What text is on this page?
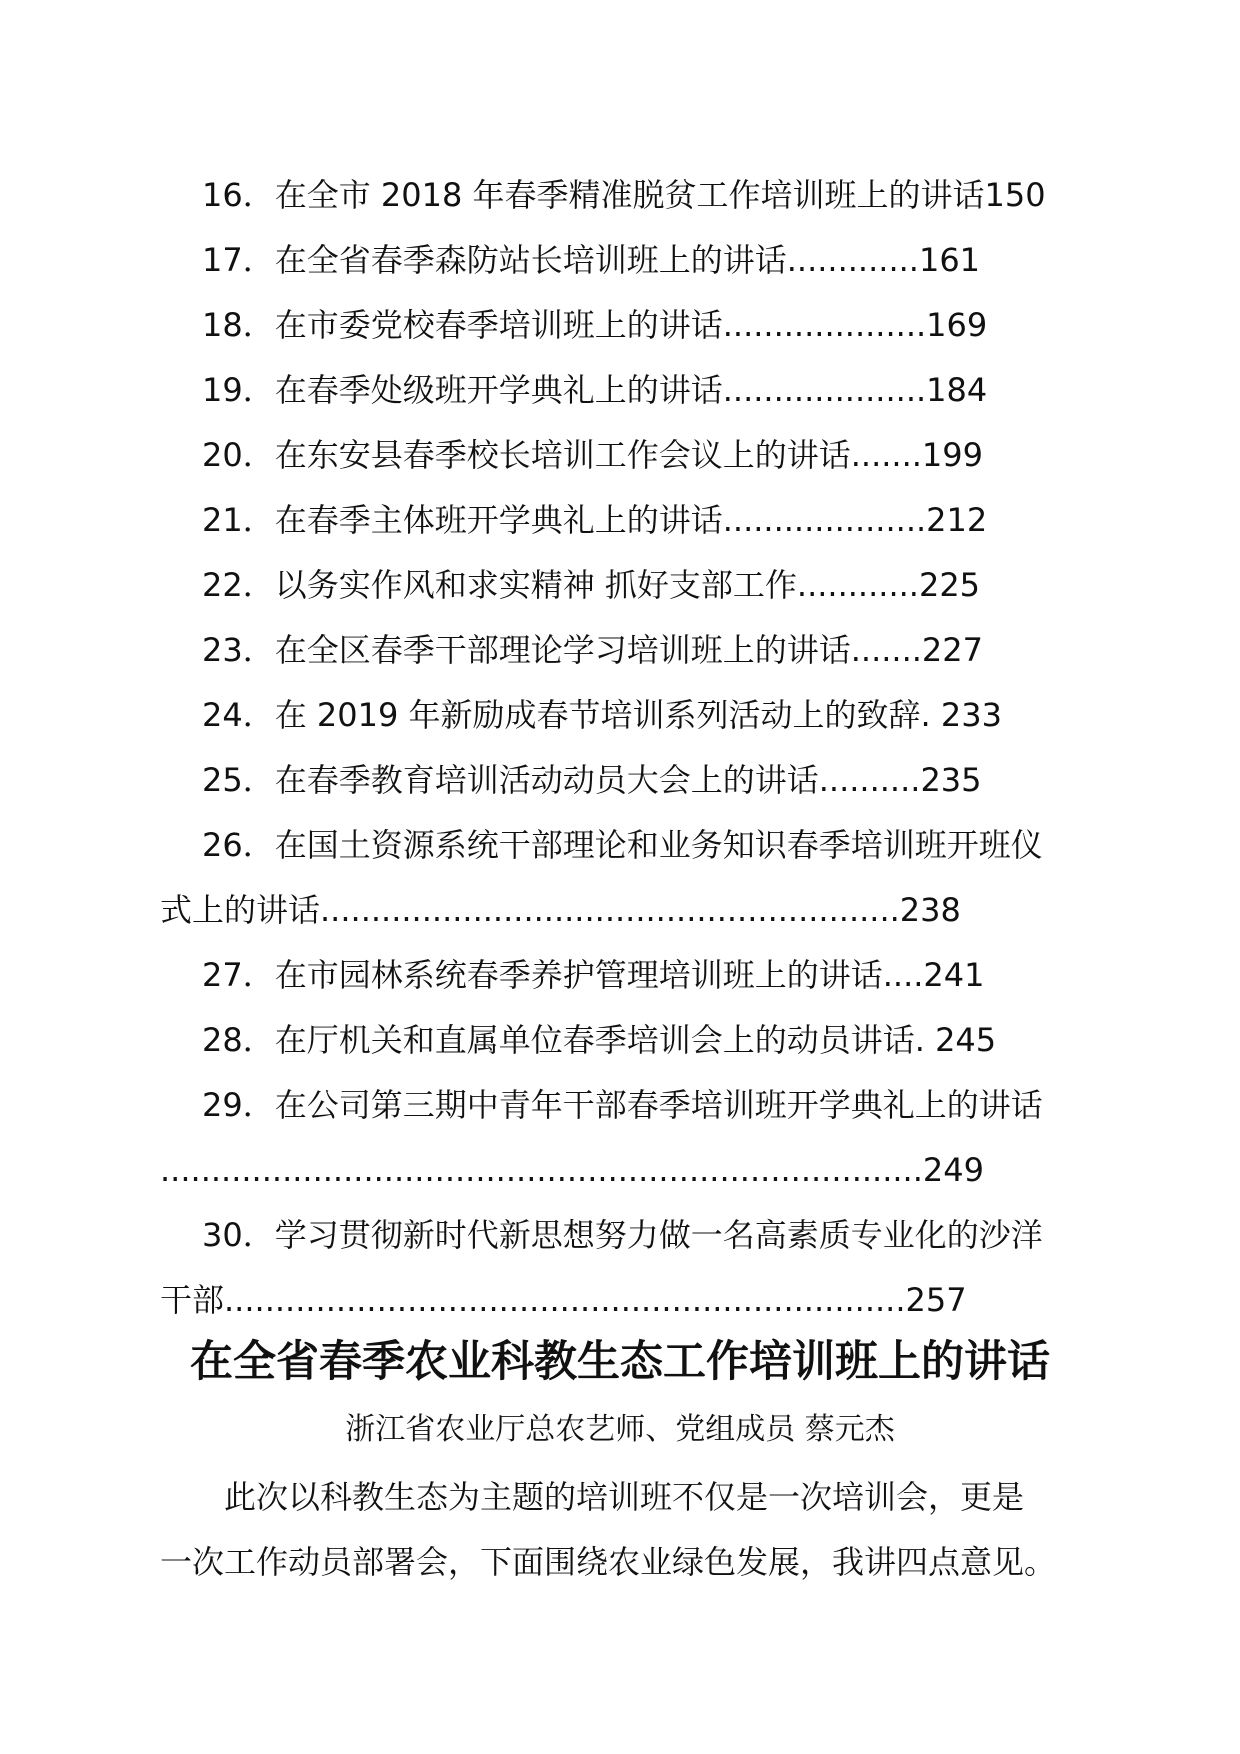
16．在全市 2018 年春季精准脱贫工作培训班上的讲话150
17．在全省春季森防站长培训班上的讲话.............161
18．在市委党校春季培训班上的讲话....................169
19．在春季处级班开学典礼上的讲话....................184
20．在东安县春季校长培训工作会议上的讲话.......199
21．在春季主体班开学典礼上的讲话....................212
22．以务实作风和求实精神 抓好支部工作............225
23．在全区春季干部理论学习培训班上的讲话.......227
24．在 2019 年新励成春节培训系列活动上的致辞. 233
25．在春季教育培训活动动员大会上的讲话..........235
26．在国土资源系统干部理论和业务知识春季培训班开班仪
式上的讲话.........................................................238
27．在市园林系统春季养护管理培训班上的讲话....241
28．在厅机关和直属单位春季培训会上的动员讲话. 245
29．在公司第三期中青年干部春季培训班开学典礼上的讲话
...........................................................................249
30．学习贯彻新时代新思想努力做一名高素质专业化的沙洋
干部...................................................................257
在全省春季农业科教生态工作培训班上的讲话
浙江省农业厅总农艺师、党组成员 蔡元杰
此次以科教生态为主题的培训班不仅是一次培训会，更是
一次工作动员部署会，下面围绕农业绿色发展，我讲四点意见。
